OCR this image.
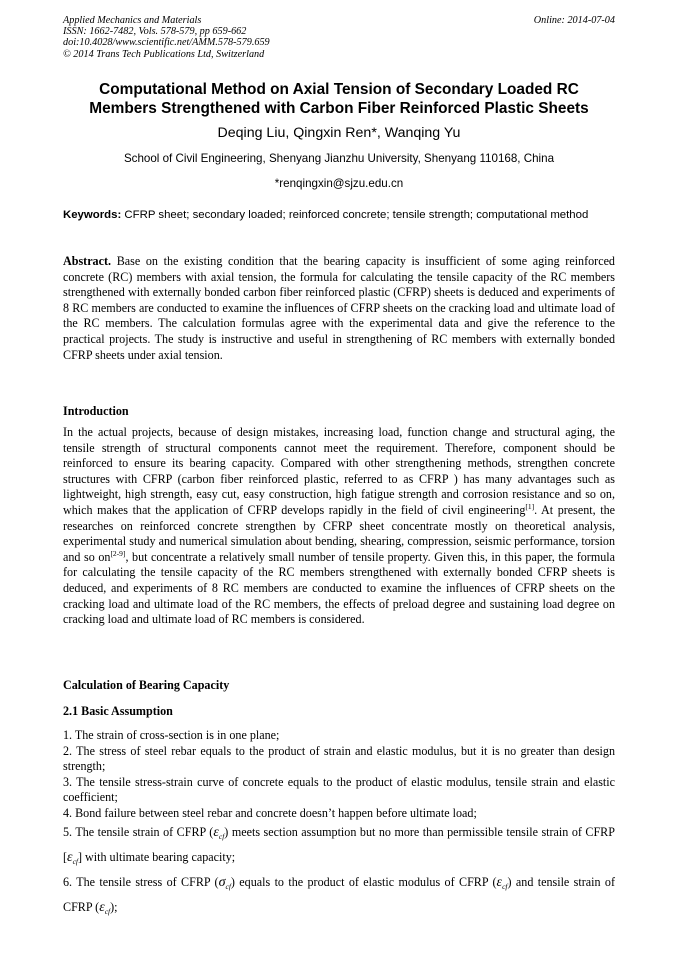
Applied Mechanics and Materials	Online: 2014-07-04
ISSN: 1662-7482, Vols. 578-579, pp 659-662
doi:10.4028/www.scientific.net/AMM.578-579.659
© 2014 Trans Tech Publications Ltd, Switzerland
Computational Method on Axial Tension of Secondary Loaded RC
Members Strengthened with Carbon Fiber Reinforced Plastic Sheets
Deqing Liu, Qingxin Ren*, Wanqing Yu
School of Civil Engineering, Shenyang Jianzhu University, Shenyang 110168, China
*renqingxin@sjzu.edu.cn
Keywords: CFRP sheet; secondary loaded; reinforced concrete; tensile strength; computational method
Abstract. Base on the existing condition that the bearing capacity is insufficient of some aging reinforced concrete (RC) members with axial tension, the formula for calculating the tensile capacity of the RC members strengthened with externally bonded carbon fiber reinforced plastic (CFRP) sheets is deduced and experiments of 8 RC members are conducted to examine the influences of CFRP sheets on the cracking load and ultimate load of the RC members. The calculation formulas agree with the experimental data and give the reference to the practical projects. The study is instructive and useful in strengthening of RC members with externally bonded CFRP sheets under axial tension.
Introduction
In the actual projects, because of design mistakes, increasing load, function change and structural aging, the tensile strength of structural components cannot meet the requirement. Therefore, component should be reinforced to ensure its bearing capacity. Compared with other strengthening methods, strengthen concrete structures with CFRP (carbon fiber reinforced plastic, referred to as CFRP ) has many advantages such as lightweight, high strength, easy cut, easy construction, high fatigue strength and corrosion resistance and so on, which makes that the application of CFRP develops rapidly in the field of civil engineering[1]. At present, the researches on reinforced concrete strengthen by CFRP sheet concentrate mostly on theoretical analysis, experimental study and numerical simulation about bending, shearing, compression, seismic performance, torsion and so on[2-9], but concentrate a relatively small number of tensile property. Given this, in this paper, the formula for calculating the tensile capacity of the RC members strengthened with externally bonded CFRP sheets is deduced, and experiments of 8 RC members are conducted to examine the influences of CFRP sheets on the cracking load and ultimate load of the RC members, the effects of preload degree and sustaining load degree on cracking load and ultimate load of RC members is considered.
Calculation of Bearing Capacity
2.1 Basic Assumption
1. The strain of cross-section is in one plane;
2. The stress of steel rebar equals to the product of strain and elastic modulus, but it is no greater than design strength;
3. The tensile stress-strain curve of concrete equals to the product of elastic modulus, tensile strain and elastic coefficient;
4. Bond failure between steel rebar and concrete doesn’t happen before ultimate load;
5. The tensile strain of CFRP $(\varepsilon_{cf})$ meets section assumption but no more than permissible tensile strain of CFRP $[\varepsilon_{cf}]$ with ultimate bearing capacity;
6. The tensile stress of CFRP $(\sigma_{cf})$ equals to the product of elastic modulus of CFRP $(\varepsilon_{cf})$ and tensile strain of CFRP $(\varepsilon_{cf})$;
